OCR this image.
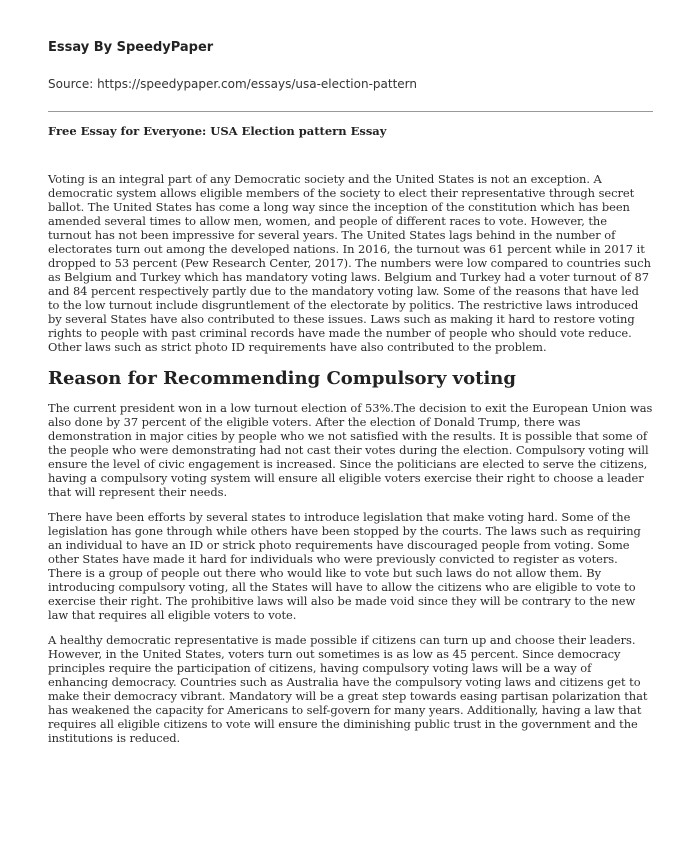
Essay By SpeedyPaper
Source: https://speedypaper.com/essays/usa-election-pattern
Free Essay for Everyone: USA Election pattern Essay

Voting is an integral part of any Democratic society and the United States is not an exception. A democratic system allows eligible members of the society to elect their representative through secret ballot. The United States has come a long way since the inception of the constitution which has been amended several times to allow men, women, and people of different races to vote. However, the turnout has not been impressive for several years. The United States lags behind in the number of electorates turn out among the developed nations. In 2016, the turnout was 61 percent while in 2017 it dropped to 53 percent (Pew Research Center, 2017). The numbers were low compared to countries such as Belgium and Turkey which has mandatory voting laws. Belgium and Turkey had a voter turnout of 87 and 84 percent respectively partly due to the mandatory voting law. Some of the reasons that have led to the low turnout include disgruntlement of the electorate by politics. The restrictive laws introduced by several States have also contributed to these issues. Laws such as making it hard to restore voting rights to people with past criminal records have made the number of people who should vote reduce. Other laws such as strict photo ID requirements have also contributed to the problem.

Reason for Recommending Compulsory voting

The current president won in a low turnout election of 53%.The decision to exit the European Union was also done by 37 percent of the eligible voters. After the election of Donald Trump, there was demonstration in major cities by people who we not satisfied with the results. It is possible that some of the people who were demonstrating had not cast their votes during the election. Compulsory voting will ensure the level of civic engagement is increased. Since the politicians are elected to serve the citizens, having a compulsory voting system will ensure all eligible voters exercise their right to choose a leader that will represent their needs.

There have been efforts by several states to introduce legislation that make voting hard. Some of the legislation has gone through while others have been stopped by the courts. The laws such as requiring an individual to have an ID or strick photo requirements have discouraged people from voting. Some other States have made it hard for individuals who were previously convicted to register as voters. There is a group of people out there who would like to vote but such laws do not allow them. By introducing compulsory voting, all the States will have to allow the citizens who are eligible to vote to exercise their right. The prohibitive laws will also be made void since they will be contrary to the new law that requires all eligible voters to vote.

A healthy democratic representative is made possible if citizens can turn up and choose their leaders. However, in the United States, voters turn out sometimes is as low as 45 percent. Since democracy principles require the participation of citizens, having compulsory voting laws will be a way of enhancing democracy. Countries such as Australia have the compulsory voting laws and citizens get to make their democracy vibrant. Mandatory will be a great step towards easing partisan polarization that has weakened the capacity for Americans to self-govern for many years. Additionally, having a law that requires all eligible citizens to vote will ensure the diminishing public trust in the government and the institutions is reduced.
